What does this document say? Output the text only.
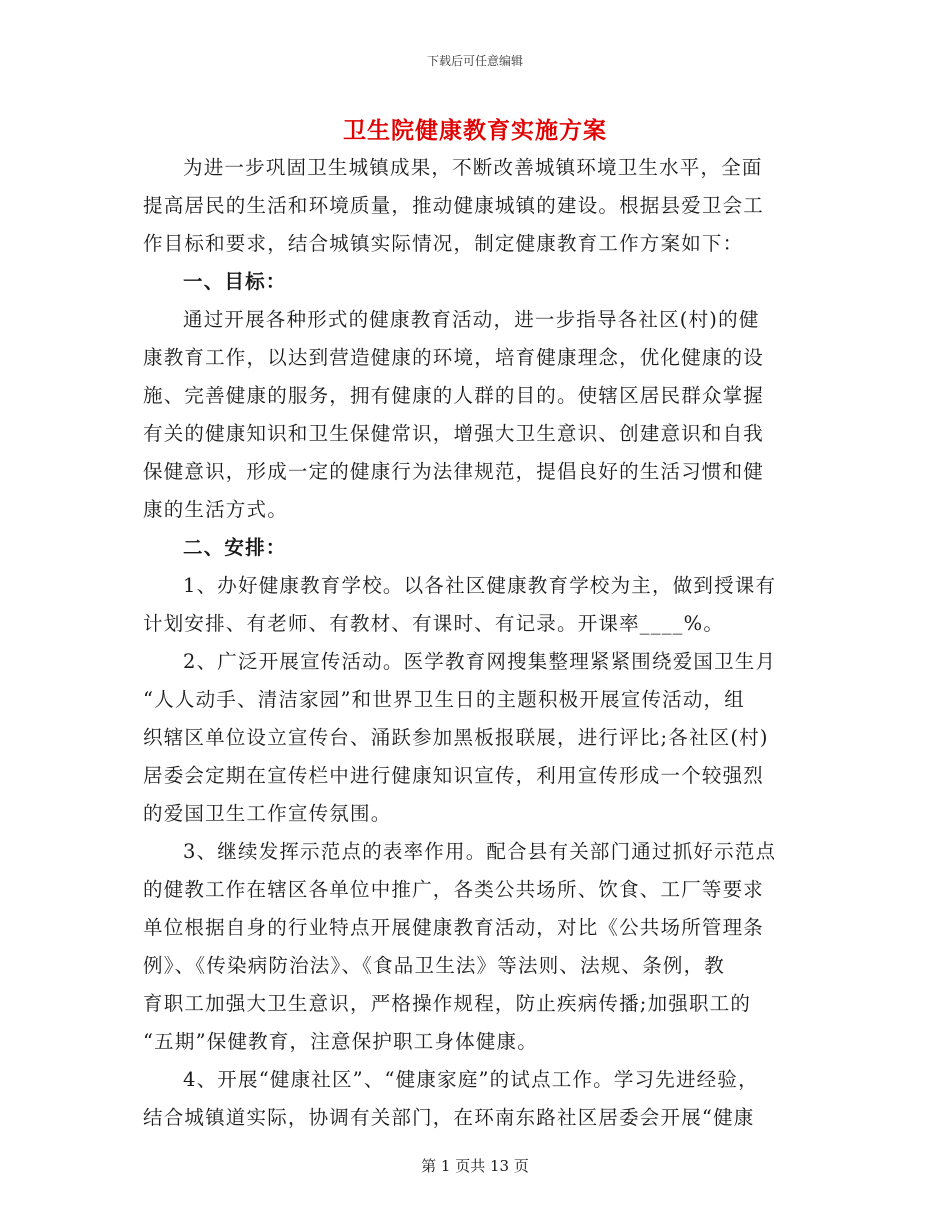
下载后可任意编辑
卫生院健康教育实施方案
为进一步巩固卫生城镇成果，不断改善城镇环境卫生水平，全面
提高居民的生活和环境质量，推动健康城镇的建设。根据县爱卫会工
作目标和要求，结合城镇实际情况，制定健康教育工作方案如下：
一、目标：
通过开展各种形式的健康教育活动，进一步指导各社区(村)的健
康教育工作，以达到营造健康的环境，培育健康理念，优化健康的设
施、完善健康的服务，拥有健康的人群的目的。使辖区居民群众掌握
有关的健康知识和卫生保健常识，增强大卫生意识、创建意识和自我
保健意识，形成一定的健康行为法律规范，提倡良好的生活习惯和健
康的生活方式。
二、安排：
1、办好健康教育学校。以各社区健康教育学校为主，做到授课有
计划安排、有老师、有教材、有课时、有记录。开课率____%。
2、广泛开展宣传活动。医学教育网搜集整理紧紧围绕爱国卫生月
“人人动手、清洁家园”和世界卫生日的主题积极开展宣传活动，组
织辖区单位设立宣传台、涌跃参加黑板报联展，进行评比;各社区(村)
居委会定期在宣传栏中进行健康知识宣传，利用宣传形成一个较强烈
的爱国卫生工作宣传氛围。
3、继续发挥示范点的表率作用。配合县有关部门通过抓好示范点
的健教工作在辖区各单位中推广，各类公共场所、饮食、工厂等要求
单位根据自身的行业特点开展健康教育活动，对比《公共场所管理条
例》、《传染病防治法》、《食品卫生法》等法则、法规、条例，教
育职工加强大卫生意识，严格操作规程，防止疾病传播;加强职工的
“五期”保健教育，注意保护职工身体健康。
4、开展“健康社区”、“健康家庭”的试点工作。学习先进经验，
结合城镇道实际，协调有关部门，在环南东路社区居委会开展“健康
第 1 页共 13 页
